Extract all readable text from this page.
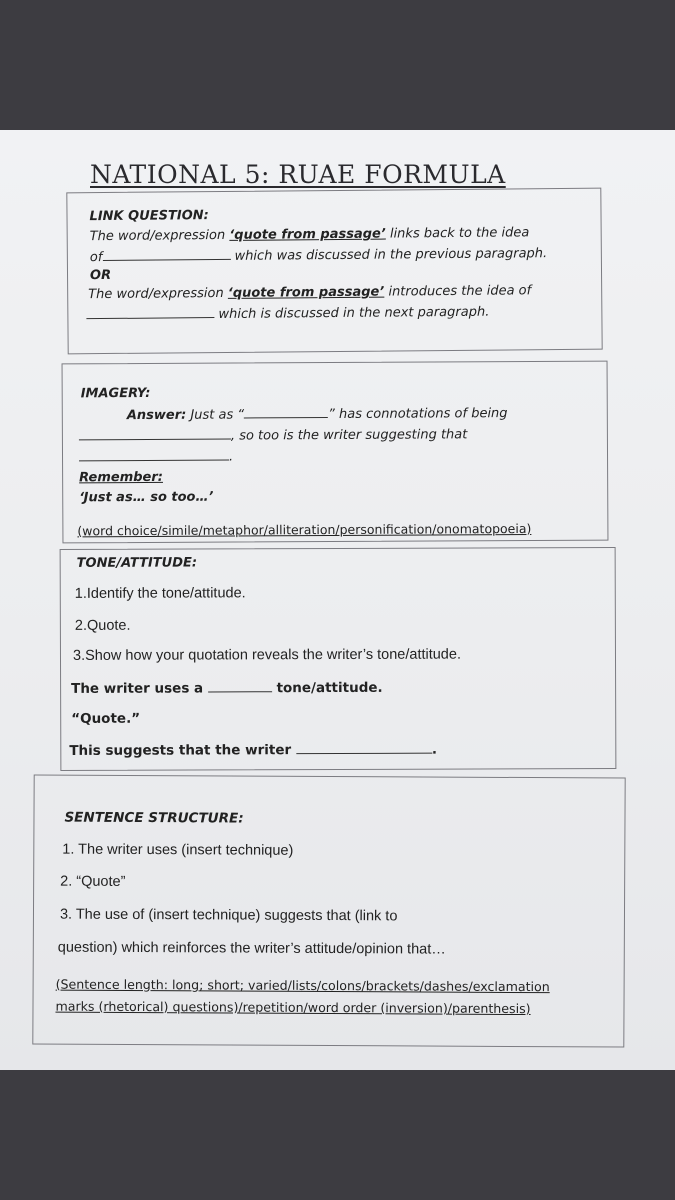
NATIONAL 5: RUAE FORMULA
LINK QUESTION:
The word/expression ‘quote from passage’ links back to the idea
of	which was discussed in the previous paragraph.
OR
The word/expression ‘quote from passage’ introduces the idea of
which is discussed in the next paragraph.
IMAGERY:
Answer: Just as “	” has connotations of being
, so too is the writer suggesting that
.
Remember:
‘Just as… so too…’
(word choice/simile/metaphor/alliteration/personification/onomatopoeia)
TONE/ATTITUDE:
1.Identify the tone/attitude.
2.Quote.
3.Show how your quotation reveals the writer’s tone/attitude.
The writer uses a	tone/attitude.
“Quote.”
This suggests that the writer	.
SENTENCE STRUCTURE:
1. The writer uses (insert technique)
2. “Quote”
3. The use of (insert technique) suggests that (link to
question) which reinforces the writer’s attitude/opinion that…
(Sentence length: long; short; varied/lists/colons/brackets/dashes/exclamation
marks (rhetorical) questions)/repetition/word order (inversion)/parenthesis)
